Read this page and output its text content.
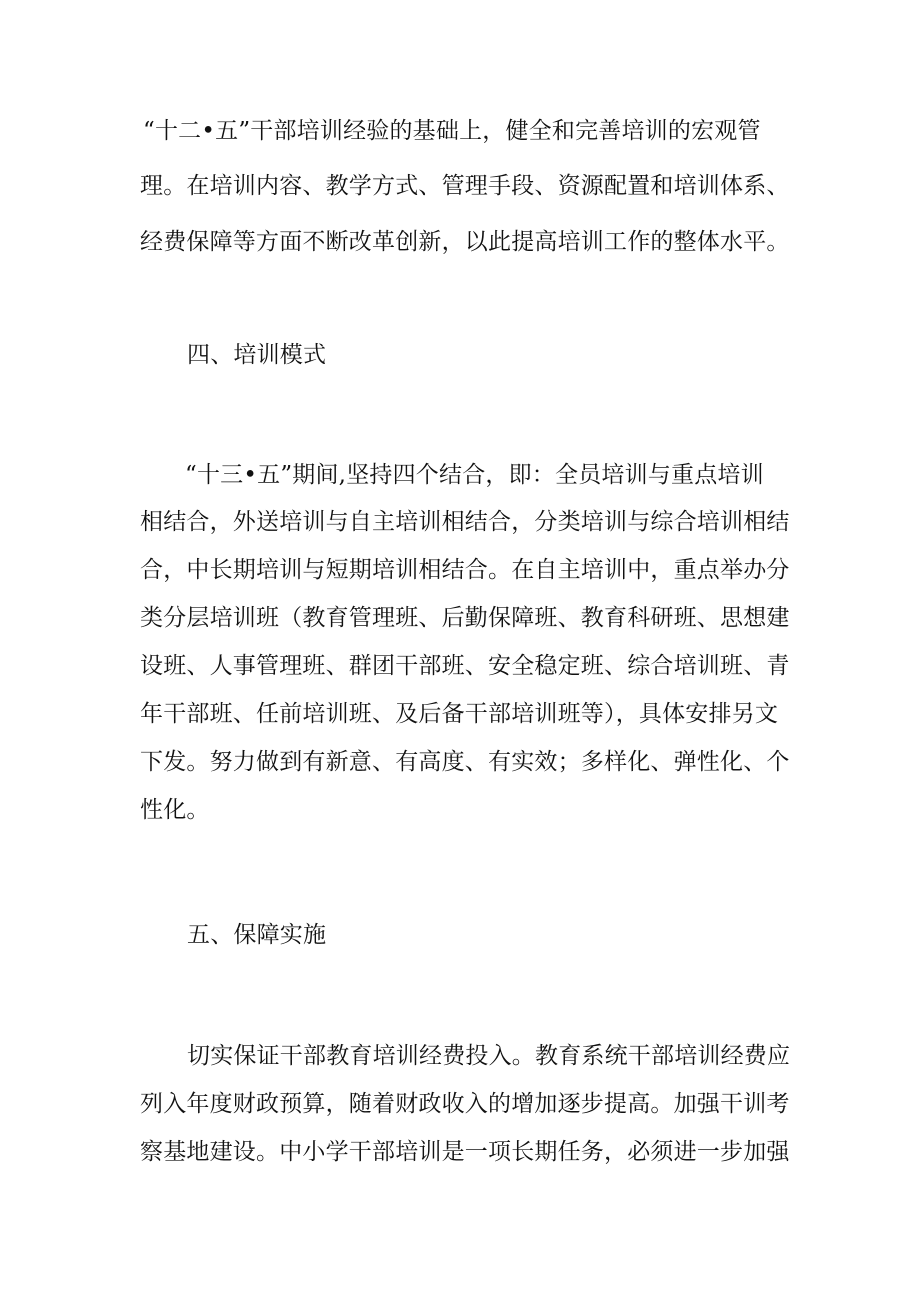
“十二•五”干部培训经验的基础上，健全和完善培训的宏观管
理。在培训内容、教学方式、管理手段、资源配置和培训体系、
经费保障等方面不断改革创新，以此提高培训工作的整体水平。
四、培训模式
“十三•五”期间,坚持四个结合，即：全员培训与重点培训
相结合，外送培训与自主培训相结合，分类培训与综合培训相结
合，中长期培训与短期培训相结合。在自主培训中，重点举办分
类分层培训班（教育管理班、后勤保障班、教育科研班、思想建
设班、人事管理班、群团干部班、安全稳定班、综合培训班、青
年干部班、任前培训班、及后备干部培训班等），具体安排另文
下发。努力做到有新意、有高度、有实效；多样化、弹性化、个
性化。
五、保障实施
切实保证干部教育培训经费投入。教育系统干部培训经费应
列入年度财政预算，随着财政收入的增加逐步提高。加强干训考
察基地建设。中小学干部培训是一项长期任务，必须进一步加强
